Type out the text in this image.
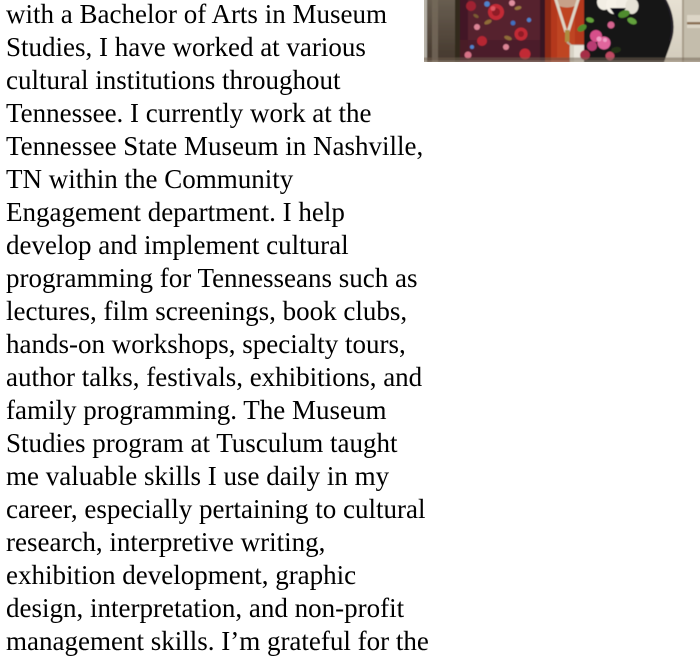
with a Bachelor of Arts in Museum
Studies, I have worked at various
cultural institutions throughout
Tennessee. I currently work at the
Tennessee State Museum in Nashville,
TN within the Community
Engagement department. I help
develop and implement cultural
programming for Tennesseans such as
lectures, film screenings, book clubs,
hands-on workshops, specialty tours,
author talks, festivals, exhibitions, and
family programming. The Museum
Studies program at Tusculum taught
me valuable skills I use daily in my
career, especially pertaining to cultural
research, interpretive writing,
exhibition development, graphic
design, interpretation, and non-profit
management skills. I’m grateful for the
